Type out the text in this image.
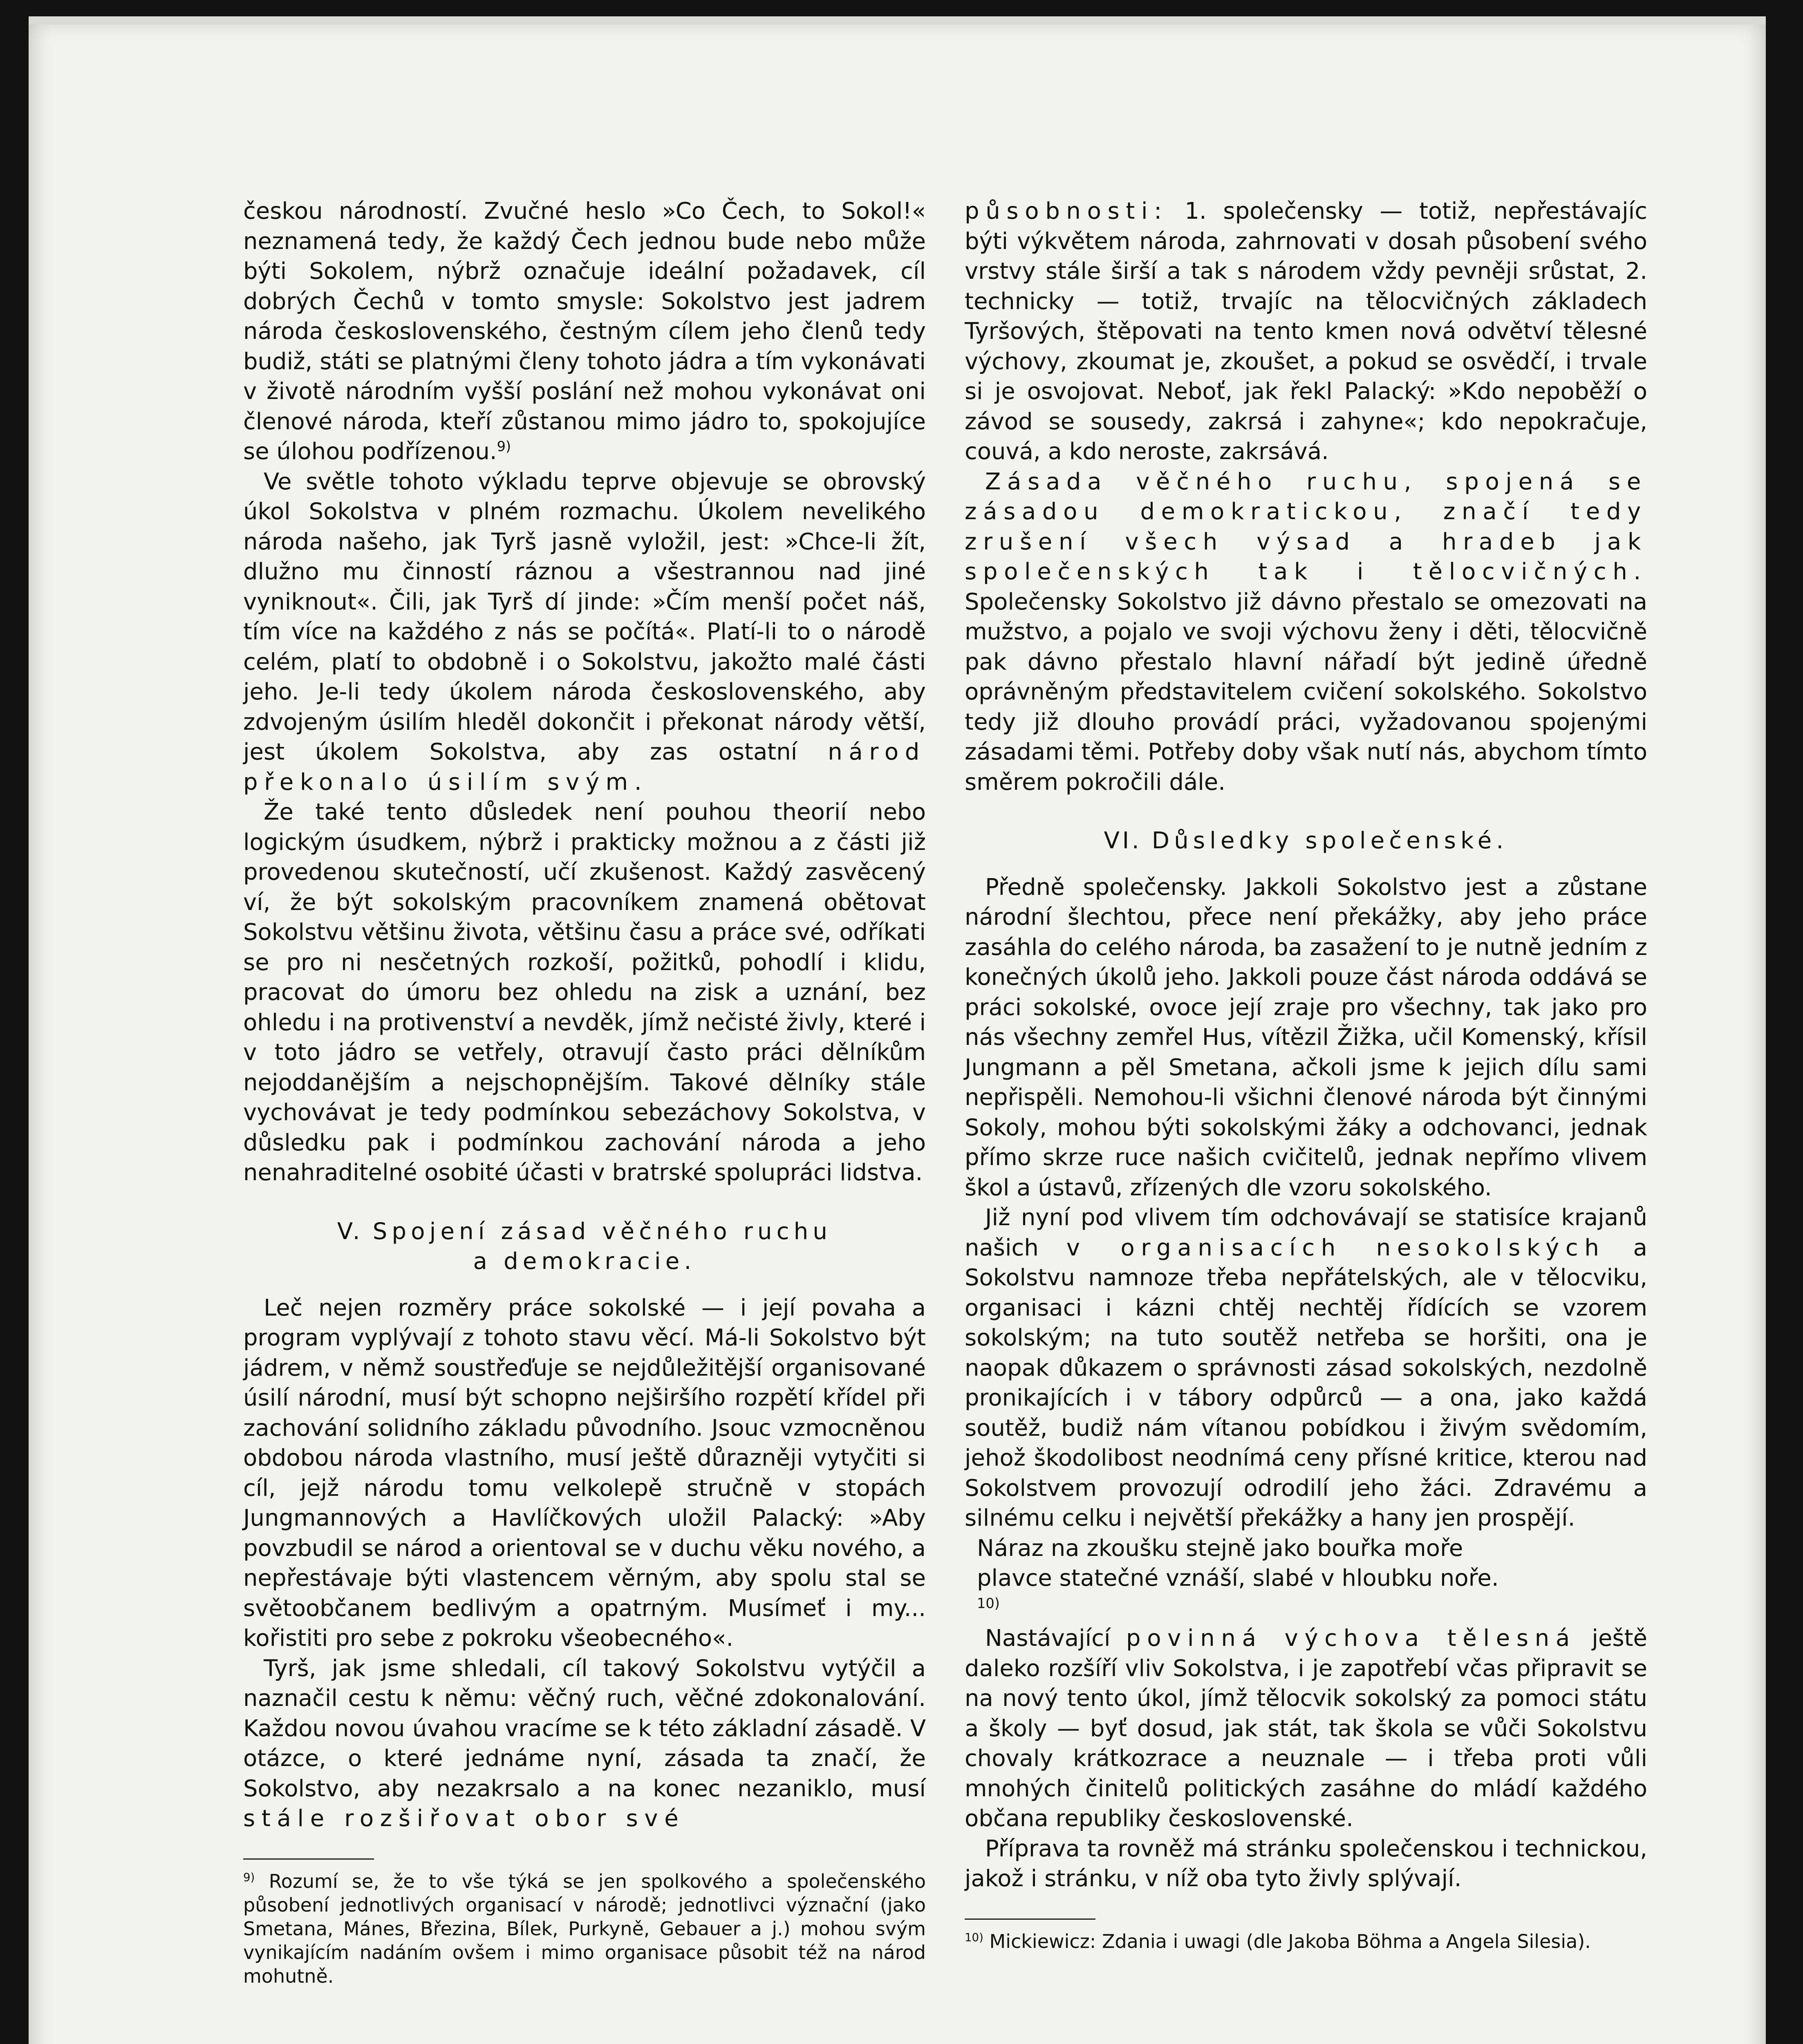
českou národností. Zvučné heslo »Co Čech, to Sokol!« neznamená tedy, že každý Čech jednou bude nebo může býti Sokolem, nýbrž označuje ideální požadavek, cíl dobrých Čechů v tomto smysle: Sokolstvo jest jadrem národa československého, čestným cílem jeho členů tedy budiž, státi se platnými členy tohoto jádra a tím vykonávati v životě národním vyšší poslání než mohou vykonávat oni členové národa, kteří zůstanou mimo jádro to, spokojujíce se úlohou podřízenou.$^{9)}$

Ve světle tohoto výkladu teprve objevuje se obrovský úkol Sokolstva v plném rozmachu. Úkolem nevelikého národa našeho, jak Tyrš jasně vyložil, jest: »Chce-li žít, dlužno mu činností ráznou a všestrannou nad jiné vyniknout«. Čili, jak Tyrš dí jinde: »Čím menší počet náš, tím více na každého z nás se počítá«. Platí-li to o národě celém, platí to obdobně i o Sokolstvu, jakožto malé části jeho. Je-li tedy úkolem národa československého, aby zdvojeným úsilím hleděl dokončit i překonat národy větší, jest úkolem Sokolstva, aby zas ostatní národ překonalo úsilím svým.

Že také tento důsledek není pouhou theorií nebo logickým úsudkem, nýbrž i prakticky možnou a z části již provedenou skutečností, učí zkušenost. Každý zasvěcený ví, že být sokolským pracovníkem znamená obětovat Sokolstvu většinu života, většinu času a práce své, odříkati se pro ni nesčetných rozkoší, požitků, pohodlí i klidu, pracovat do úmoru bez ohledu na zisk a uznání, bez ohledu i na protivenství a nevděk, jímž nečisté živly, které i v toto jádro se vetřely, otravují často práci dělníkům nejoddanějším a nejschopnějším. Takové dělníky stále vychovávat je tedy podmínkou sebezáchovy Sokolstva, v důsledku pak i podmínkou zachování národa a jeho nenahraditelné osobité účasti v bratrské spolupráci lidstva.

V. Spojení zásad věčného ruchu
a demokracie.

Leč nejen rozměry práce sokolské — i její povaha a program vyplývají z tohoto stavu věcí. Má-li Sokolstvo být jádrem, v němž soustřeďuje se nejdůležitější organisované úsilí národní, musí být schopno nejširšího rozpětí křídel při zachování solidního základu původního. Jsouc vzmocněnou obdobou národa vlastního, musí ještě důrazněji vytyčiti si cíl, jejž národu tomu velkolepě stručně v stopách Jungmannových a Havlíčkových uložil Palacký: »Aby povzbudil se národ a orientoval se v duchu věku nového, a nepřestávaje býti vlastencem věrným, aby spolu stal se světoobčanem bedlivým a opatrným. Musímeť i my... kořistiti pro sebe z pokroku všeobecného«.

Tyrš, jak jsme shledali, cíl takový Sokolstvu vytýčil a naznačil cestu k němu: věčný ruch, věčné zdokonalování. Každou novou úvahou vracíme se k této základní zásadě. V otázce, o které jednáme nyní, zásada ta značí, že Sokolstvo, aby nezakrsalo a na konec nezaniklo, musí stále rozšiřovat obor své

$^{9)}$ Rozumí se, že to vše týká se jen spolkového a společenského působení jednotlivých organisací v národě; jednotlivci význační (jako Smetana, Mánes, Březina, Bílek, Purkyně, Gebauer a j.) mohou svým vynikajícím nadáním ovšem i mimo organisace působit též na národ mohutně.

působnosti: 1. společensky — totiž, nepřestávajíc býti výkvětem národa, zahrnovati v dosah působení svého vrstvy stále širší a tak s národem vždy pevněji srůstat, 2. technicky — totiž, trvajíc na tělocvičných základech Tyršových, štěpovati na tento kmen nová odvětví tělesné výchovy, zkoumat je, zkoušet, a pokud se osvědčí, i trvale si je osvojovat. Neboť, jak řekl Palacký: »Kdo nepoběží o závod se sousedy, zakrsá i zahyne«; kdo nepokračuje, couvá, a kdo neroste, zakrsává.

Zásada věčného ruchu, spojená se zásadou demokratickou, značí tedy zrušení všech výsad a hradeb jak společenských tak i tělocvičných. Společensky Sokolstvo již dávno přestalo se omezovati na mužstvo, a pojalo ve svoji výchovu ženy i děti, tělocvičně pak dávno přestalo hlavní nářadí být jedině úředně oprávněným představitelem cvičení sokolského. Sokolstvo tedy již dlouho provádí práci, vyžadovanou spojenými zásadami těmi. Potřeby doby však nutí nás, abychom tímto směrem pokročili dále.

VI. Důsledky společenské.

Předně společensky. Jakkoli Sokolstvo jest a zůstane národní šlechtou, přece není překážky, aby jeho práce zasáhla do celého národa, ba zasažení to je nutně jedním z konečných úkolů jeho. Jakkoli pouze část národa oddává se práci sokolské, ovoce její zraje pro všechny, tak jako pro nás všechny zemřel Hus, vítězil Žižka, učil Komenský, křísil Jungmann a pěl Smetana, ačkoli jsme k jejich dílu sami nepřispěli. Nemohou-li všichni členové národa být činnými Sokoly, mohou býti sokolskými žáky a odchovanci, jednak přímo skrze ruce našich cvičitelů, jednak nepřímo vlivem škol a ústavů, zřízených dle vzoru sokolského.

Již nyní pod vlivem tím odchovávají se statisíce krajanů našich v organisacích nesokolských a Sokolstvu namnoze třeba nepřátelských, ale v tělocviku, organisaci i kázni chtěj nechtěj řídících se vzorem sokolským; na tuto soutěž netřeba se horšiti, ona je naopak důkazem o správnosti zásad sokolských, nezdolně pronikajících i v tábory odpůrců — a ona, jako každá soutěž, budiž nám vítanou pobídkou i živým svědomím, jehož škodolibost neodnímá ceny přísné kritice, kterou nad Sokolstvem provozují odrodilí jeho žáci. Zdravému a silnému celku i největší překážky a hany jen prospějí.

Náraz na zkoušku stejně jako bouřka moře
plavce statečné vznáší, slabé v hloubku noře.
$^{10)}$

Nastávající povinná výchova tělesná ještě daleko rozšíří vliv Sokolstva, i je zapotřebí včas připravit se na nový tento úkol, jímž tělocvik sokolský za pomoci státu a školy — byť dosud, jak stát, tak škola se vůči Sokolstvu chovaly krátkozrace a neuznale — i třeba proti vůli mnohých činitelů politických zasáhne do mládí každého občana republiky československé.

Příprava ta rovněž má stránku společenskou i technickou, jakož i stránku, v níž oba tyto živly splývají.

$^{10)}$ Mickiewicz: Zdania i uwagi (dle Jakoba Böhma a Angela Silesia).
